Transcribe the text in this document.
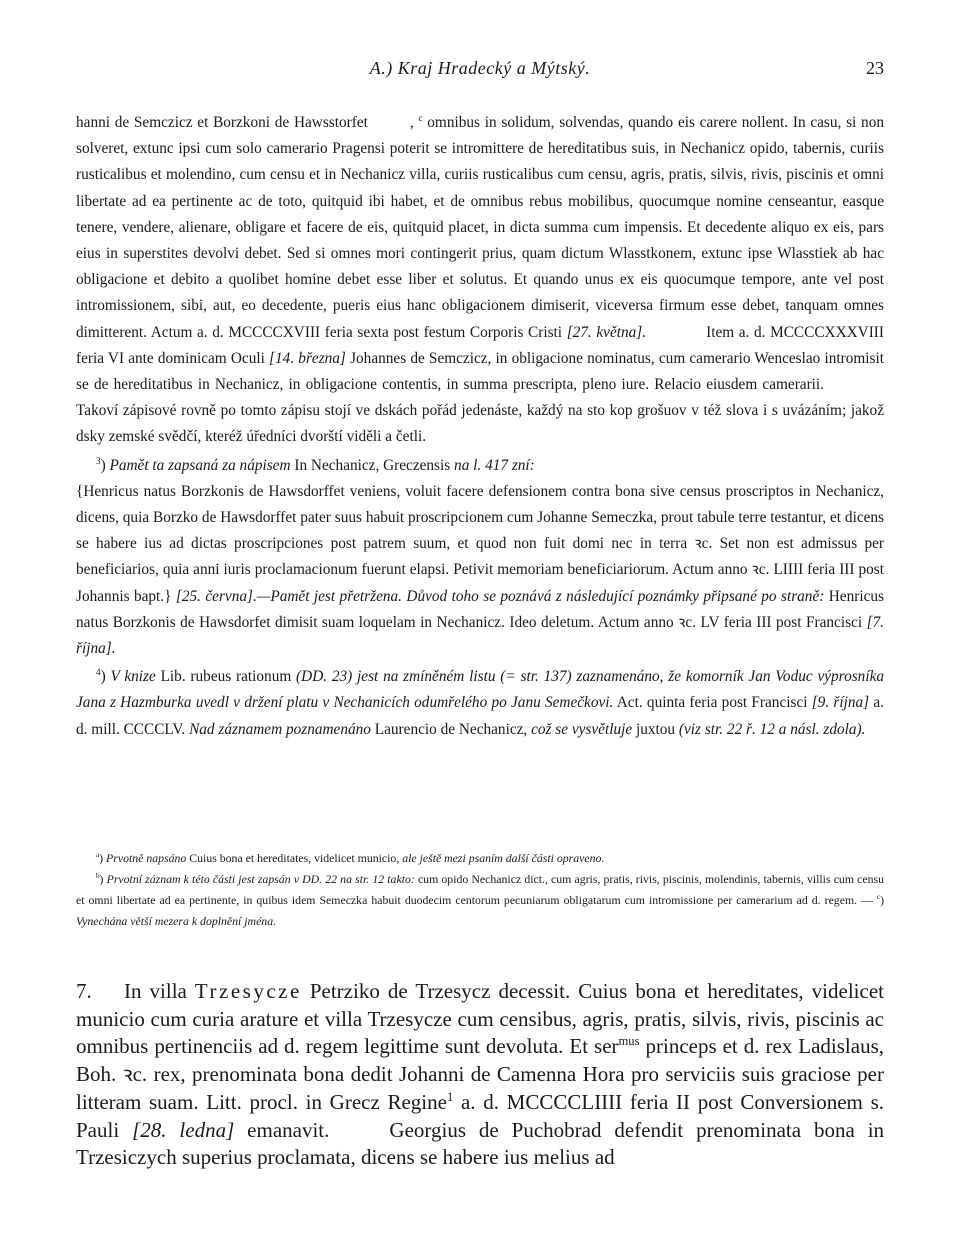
A.) Kraj Hradecký a Mýtský.	23

hanni de Semczicz et Borzkoni de Hawsstorfet	, $^c$ omnibus in solidum, solvendas, quando eis carere nollent. In casu, si non solveret, extunc ipsi cum solo camerario Pragensi poterit se intromittere de hereditatibus suis, in Nechanicz opido, tabernis, curiis rusticalibus et molendino, cum censu et in Nechanicz villa, curiis rusticalibus cum censu, agris, pratis, silvis, rivis, piscinis et omni libertate ad ea pertinente ac de toto, quitquid ibi habet, et de omnibus rebus mobilibus, quocumque nomine censeantur, easque tenere, vendere, alienare, obligare et facere de eis, quitquid placet, in dicta summa cum impensis. Et decedente aliquo ex eis, pars eius in superstites devolvi debet. Sed si omnes mori contingerit prius, quam dictum Wlasstkonem, extunc ipse Wlasstiek ab hac obligacione et debito a quolibet homine debet esse liber et solutus. Et quando unus ex eis quocumque tempore, ante vel post intromissionem, sibi, aut, eo decedente, pueris eius hanc obligacionem dimiserit, viceversa firmum esse debet, tanquam omnes dimitterent. Actum a. d. MCCCCXVIII feria sexta post festum Corporis Cristi [27. května].	Item a. d. MCCCCXXXVIII feria VI ante dominicam Oculi [14. března] Johannes de Semczicz, in obligacione nominatus, cum camerario Wenceslao intromisit se de hereditatibus in Nechanicz, in obligacione contentis, in summa prescripta, pleno iure. Relacio eiusdem camerarii.Takoví zápisové rovně po tomto zápisu stojí ve dskách pořád jedenáste, každý na sto kop grošuov v též slova i s uvázáním; jakož dsky zemské svědčí, kteréž úředníci dvorští viděli a četli.

$^3$) Pamět ta zapsaná za nápisem In Nechanicz, Greczensis na l. 417 zní:

{Henricus natus Borzkonis de Hawsdorffet veniens, voluit facere defensionem contra bona sive census proscriptos in Nechanicz, dicens, quia Borzko de Hawsdorffet pater suus habuit proscripcionem cum Johanne Semeczka, prout tabule terre testantur, et dicens se habere ius ad dictas proscripciones post patrem suum, et quod non fuit domi nec in terra ꝛc. Set non est admissus per beneficiarios, quia anni iuris proclamacionum fuerunt elapsi. Petivit memoriam beneficiariorum. Actum anno ꝛc. LIIII feria III post Johannis bapt.} [25. června].—Pamět jest přetržena. Důvod toho se poznává z následující poznámky připsané po straně: Henricus natus Borzkonis de Hawsdorfet dimisit suam loquelam in Nechanicz. Ideo deletum. Actum anno ꝛc. LV feria III post Francisci [7. října].

$^4$) V knize Lib. rubeus rationum (DD. 23) jest na zmíněném listu (= str. 137) zaznamenáno, že komorník Jan Voduc výprosníka Jana z Hazmburka uvedl v držení platu v Nechanicích odumřelého po Janu Semečkovi. Act. quinta feria post Francisci [9. října] a. d. mill. CCCCLV. Nad záznamem poznamenáno Laurencio de Nechanicz, což se vysvětluje juxtou (viz str. 22 ř. 12 a násl. zdola).

$^a$) Prvotně napsáno Cuius bona et hereditates, videlicet municio, ale ještě mezi psaním další části opraveno.

$^b$) Prvotní záznam k této části jest zapsán v DD. 22 na str. 12 takto: cum opido Nechanicz dict., cum agris, pratis, rivis, piscinis, molendinis, tabernis, villis cum censu et omni libertate ad ea pertinente, in quibus idem Semeczka habuit duodecim centorum pecuniarum obligatarum cum intromissione per camerarium ad d. regem. — $^c$) Vynechána větší mezera k doplnění jména.

7. In villa Trzesycze Petrziko de Trzesycz decessit. Cuius bona et hereditates, videlicet municio cum curia arature et villa Trzesycze cum censibus, agris, pratis, silvis, rivis, piscinis ac omnibus pertinenciis ad d. regem legittime sunt devoluta. Et ser$^{mus}$ princeps et d. rex Ladislaus, Boh. ꝛc. rex, prenominata bona dedit Johanni de Camenna Hora pro serviciis suis graciose per litteram suam. Litt. procl. in Grecz Regine$^1$ a. d. MCCCCLIIII feria II post Conversionem s. Pauli [28. ledna] emanavit.	Georgius de Puchobrad defendit prenominata bona in Trzesiczych superius proclamata, dicens se habere ius melius ad
